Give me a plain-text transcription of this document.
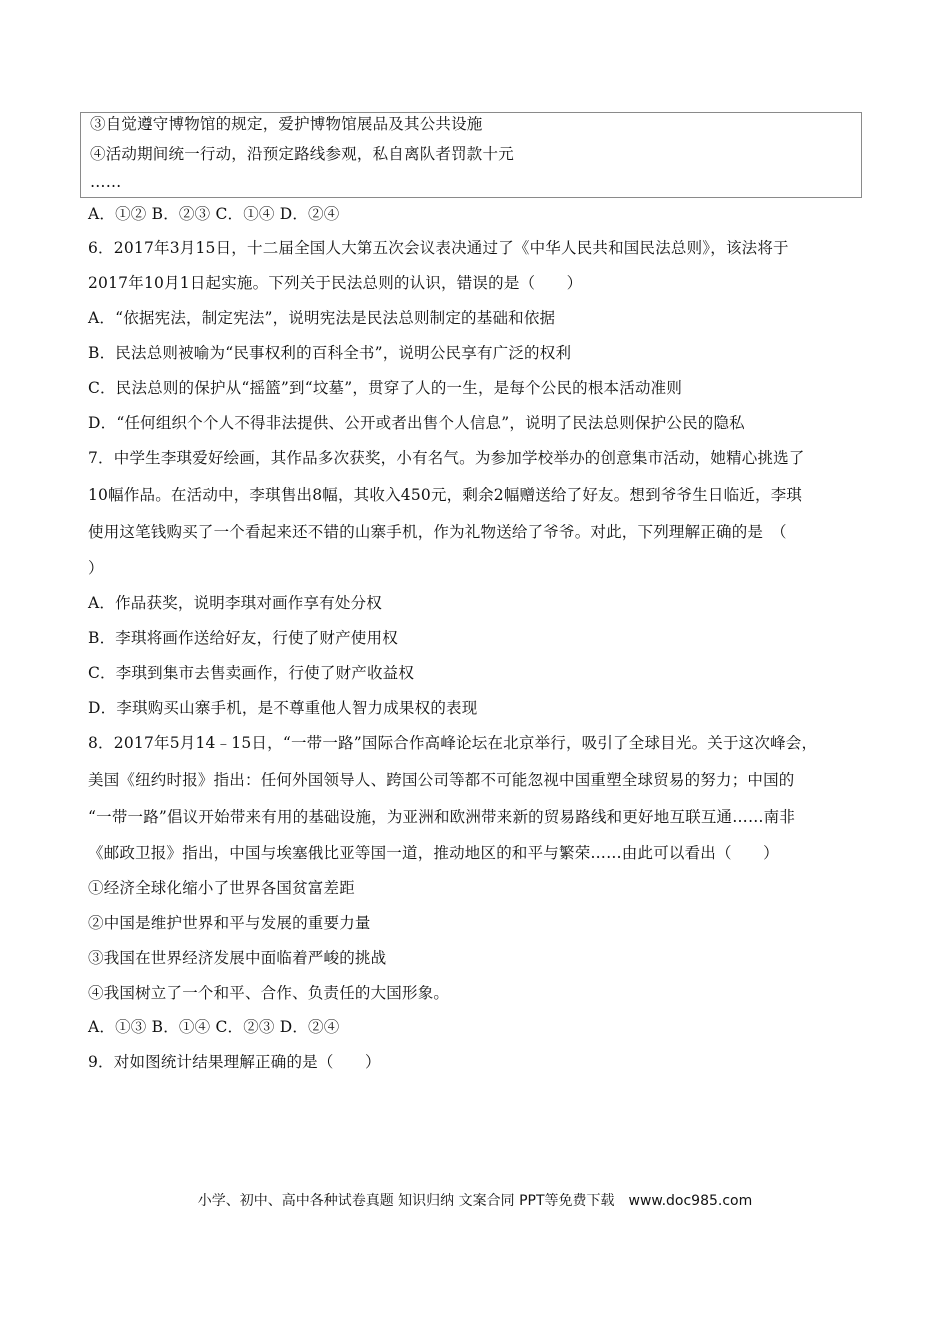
③自觉遵守博物馆的规定，爱护博物馆展品及其公共设施
④活动期间统一行动，沿预定路线参观，私自离队者罚款十元
……
A．①② B．②③ C．①④ D．②④
6．2017年3月15日，十二届全国人大第五次会议表决通过了《中华人民共和国民法总则》，该法将于
2017年10月1日起实施。下列关于民法总则的认识，错误的是（　　）
A．“依据宪法，制定宪法”，说明宪法是民法总则制定的基础和依据
B．民法总则被喻为“民事权利的百科全书”，说明公民享有广泛的权利
C．民法总则的保护从“摇篮”到“坟墓”，贯穿了人的一生，是每个公民的根本活动准则
D．“任何组织个个人不得非法提供、公开或者出售个人信息”，说明了民法总则保护公民的隐私
7．中学生李琪爱好绘画，其作品多次获奖，小有名气。为参加学校举办的创意集市活动，她精心挑选了
10幅作品。在活动中，李琪售出8幅，其收入450元，剩余2幅赠送给了好友。想到爷爷生日临近，李琪
使用这笔钱购买了一个看起来还不错的山寨手机，作为礼物送给了爷爷。对此，下列理解正确的是　（
）
A．作品获奖，说明李琪对画作享有处分权
B．李琪将画作送给好友，行使了财产使用权
C．李琪到集市去售卖画作，行使了财产收益权
D．李琪购买山寨手机，是不尊重他人智力成果权的表现
8．2017年5月14﹣15日，“一带一路”国际合作高峰论坛在北京举行，吸引了全球目光。关于这次峰会，
美国《纽约时报》指出：任何外国领导人、跨国公司等都不可能忽视中国重塑全球贸易的努力；中国的
“一带一路”倡议开始带来有用的基础设施，为亚洲和欧洲带来新的贸易路线和更好地互联互通……南非
《邮政卫报》指出，中国与埃塞俄比亚等国一道，推动地区的和平与繁荣……由此可以看出（　　）
①经济全球化缩小了世界各国贫富差距
②中国是维护世界和平与发展的重要力量
③我国在世界经济发展中面临着严峻的挑战
④我国树立了一个和平、合作、负责任的大国形象。
A．①③ B．①④ C．②③ D．②④
9．对如图统计结果理解正确的是（　　）
小学、初中、高中各种试卷真题 知识归纳 文案合同 PPT等免费下载　www.doc985.com
